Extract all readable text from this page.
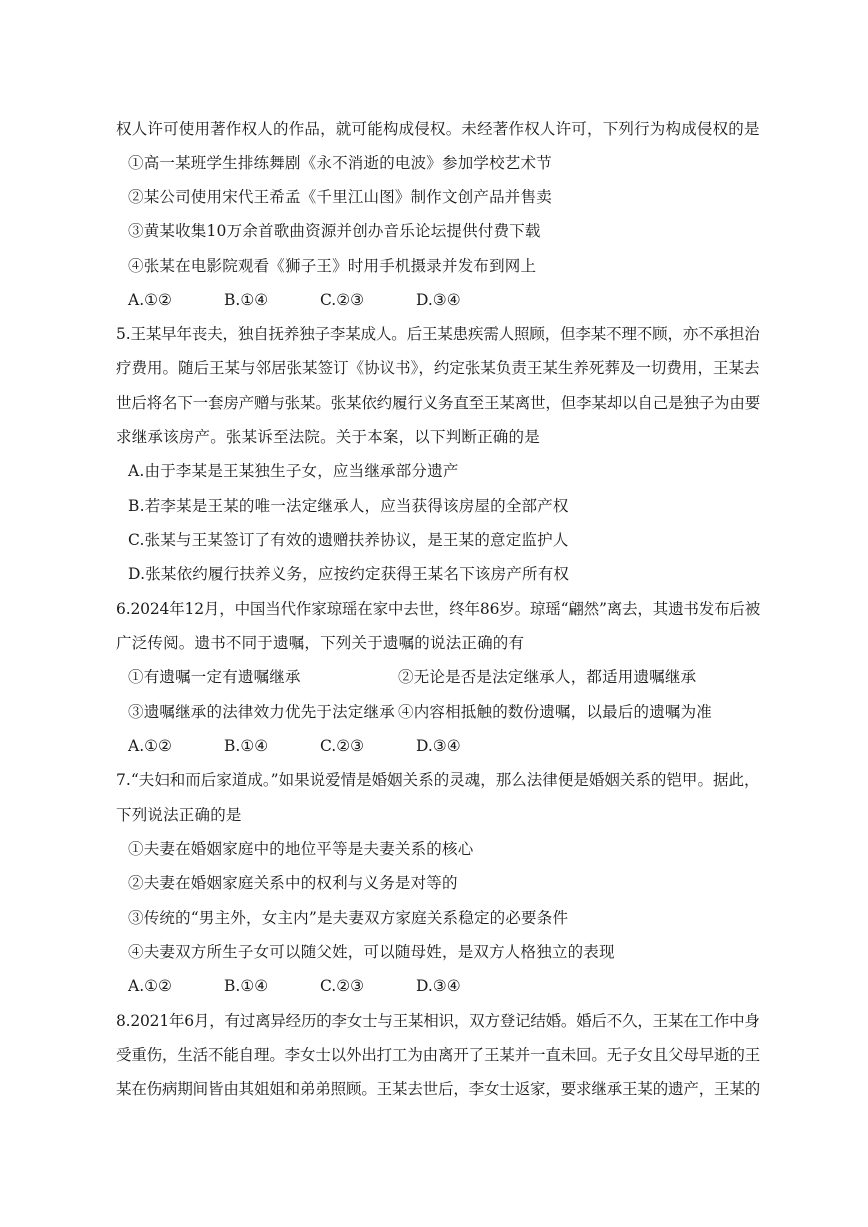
权人许可使用著作权人的作品，就可能构成侵权。未经著作权人许可，下列行为构成侵权的是
①高一某班学生排练舞剧《永不消逝的电波》参加学校艺术节
②某公司使用宋代王希孟《千里江山图》制作文创产品并售卖
③黄某收集10万余首歌曲资源并创办音乐论坛提供付费下载
④张某在电影院观看《狮子王》时用手机摄录并发布到网上
A.①②	B.①④	C.②③	D.③④
5.王某早年丧夫，独自抚养独子李某成人。后王某患疾需人照顾，但李某不理不顾，亦不承担治
疗费用。随后王某与邻居张某签订《协议书》，约定张某负责王某生养死葬及一切费用，王某去
世后将名下一套房产赠与张某。张某依约履行义务直至王某离世，但李某却以自己是独子为由要
求继承该房产。张某诉至法院。关于本案，以下判断正确的是
A.由于李某是王某独生子女，应当继承部分遗产
B.若李某是王某的唯一法定继承人，应当获得该房屋的全部产权
C.张某与王某签订了有效的遗赠扶养协议，是王某的意定监护人
D.张某依约履行扶养义务，应按约定获得王某名下该房产所有权
6.2024年12月，中国当代作家琼瑶在家中去世，终年86岁。琼瑶“翩然”离去，其遗书发布后被
广泛传阅。遗书不同于遗嘱，下列关于遗嘱的说法正确的有
①有遗嘱一定有遗嘱继承	②无论是否是法定继承人，都适用遗嘱继承
③遗嘱继承的法律效力优先于法定继承 ④内容相抵触的数份遗嘱，以最后的遗嘱为准
A.①②	B.①④	C.②③	D.③④
7.“夫妇和而后家道成。”如果说爱情是婚姻关系的灵魂，那么法律便是婚姻关系的铠甲。据此，
下列说法正确的是
①夫妻在婚姻家庭中的地位平等是夫妻关系的核心
②夫妻在婚姻家庭关系中的权利与义务是对等的
③传统的“男主外，女主内”是夫妻双方家庭关系稳定的必要条件
④夫妻双方所生子女可以随父姓，可以随母姓，是双方人格独立的表现
A.①②	B.①④	C.②③	D.③④
8.2021年6月，有过离异经历的李女士与王某相识，双方登记结婚。婚后不久，王某在工作中身
受重伤，生活不能自理。李女士以外出打工为由离开了王某并一直未回。无子女且父母早逝的王
某在伤病期间皆由其姐姐和弟弟照顾。王某去世后，李女士返家，要求继承王某的遗产，王某的
